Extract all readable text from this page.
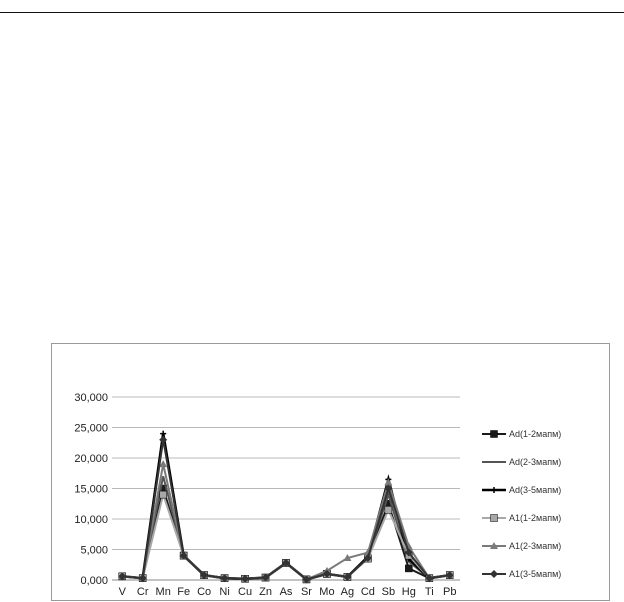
0,000
5,000
10,000
15,000
20,000
25,000
30,000
V Cr Mn Fe Co Ni Cu Zn As Sr Mo Ag Cd Sb Hg Ti Pb
Ad(1-2мапм)
Ad(2-3мапм)
Ad(3-5мапм)
A1(1-2мапм)
A1(2-3мапм)
A1(3-5мапм)
